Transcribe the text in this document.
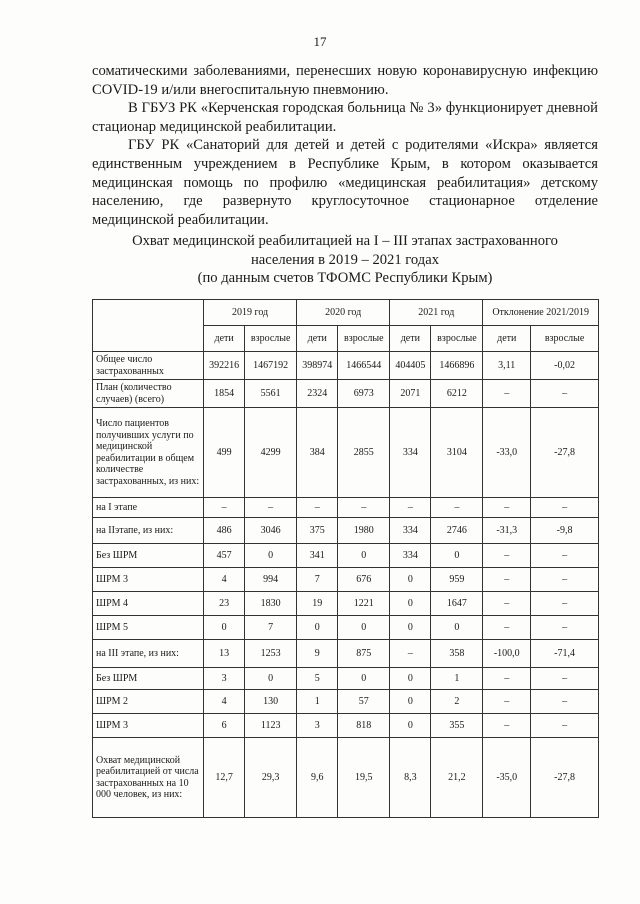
17

соматическими заболеваниями, перенесших новую коронавирусную инфекцию COVID-19 и/или внегоспитальную пневмонию.

В ГБУЗ РК «Керченская городская больница № 3» функционирует дневной стационар медицинской реабилитации.

ГБУ РК «Санаторий для детей и детей с родителями «Искра» является единственным учреждением в Республике Крым, в котором оказывается медицинская помощь по профилю «медицинская реабилитация» детскому населению, где развернуто круглосуточное стационарное отделение медицинской реабилитации.

Охват медицинской реабилитацией на I – III этапах застрахованного
населения в 2019 – 2021 годах
(по данным счетов ТФОМС Республики Крым)
	2019 год		2020 год		2021 год		Отклонение 2021/2019	
	дети	взрослые	дети	взрослые	дети	взрослые	дети	взрослые
Общее число застрахованных	392216	1467192	398974	1466544	404405	1466896	3,11	-0,02
План (количество случаев) (всего)	1854	5561	2324	6973	2071	6212	–	–
Число пациентов получивших услуги по медицинской реабилитации в общем количестве застрахованных, из них:	499	4299	384	2855	334	3104	-33,0	-27,8
на I этапе	–	–	–	–	–	–	–	–
на IIэтапе, из них:	486	3046	375	1980	334	2746	-31,3	-9,8
Без ШРМ	457	0	341	0	334	0	–	–
ШРМ 3	4	994	7	676	0	959	–	–
ШРМ 4	23	1830	19	1221	0	1647	–	–
ШРМ 5	0	7	0	0	0	0	–	–
на III этапе, из них:	13	1253	9	875	–	358	-100,0	-71,4
Без ШРМ	3	0	5	0	0	1	–	–
ШРМ 2	4	130	1	57	0	2	–	–
ШРМ 3	6	1123	3	818	0	355	–	–
Охват медицинской реабилитацией от числа застрахованных на 10 000 человек, из них:	12,7	29,3	9,6	19,5	8,3	21,2	-35,0	-27,8
